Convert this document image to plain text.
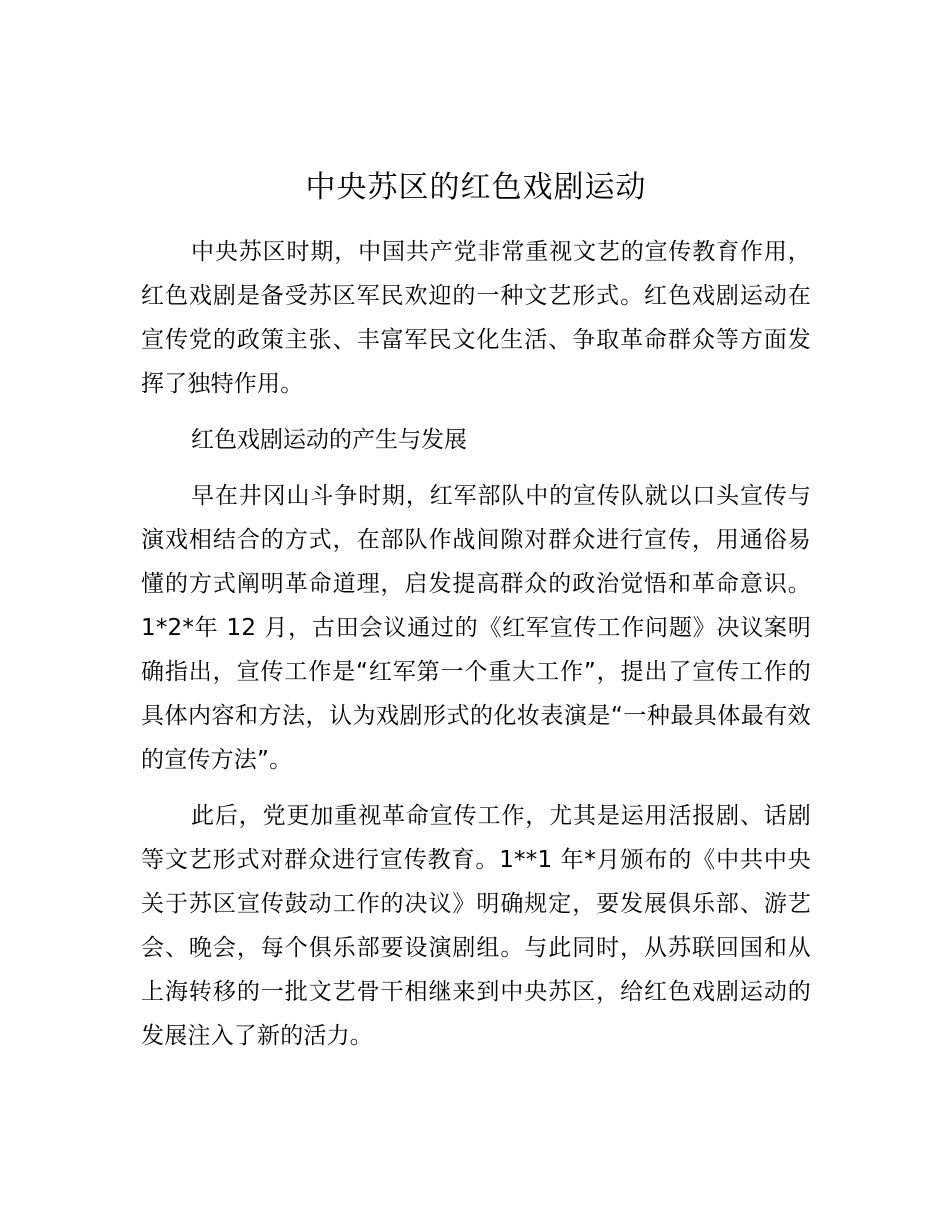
中央苏区的红色戏剧运动

中央苏区时期，中国共产党非常重视文艺的宣传教育作用，红色戏剧是备受苏区军民欢迎的一种文艺形式。红色戏剧运动在宣传党的政策主张、丰富军民文化生活、争取革命群众等方面发挥了独特作用。

红色戏剧运动的产生与发展

早在井冈山斗争时期，红军部队中的宣传队就以口头宣传与演戏相结合的方式，在部队作战间隙对群众进行宣传，用通俗易懂的方式阐明革命道理，启发提高群众的政治觉悟和革命意识。1*2*年 12 月，古田会议通过的《红军宣传工作问题》决议案明确指出，宣传工作是“红军第一个重大工作”，提出了宣传工作的具体内容和方法，认为戏剧形式的化妆表演是“一种最具体最有效的宣传方法”。

此后，党更加重视革命宣传工作，尤其是运用活报剧、话剧等文艺形式对群众进行宣传教育。1**1 年*月颁布的《中共中央关于苏区宣传鼓动工作的决议》明确规定，要发展俱乐部、游艺会、晚会，每个俱乐部要设演剧组。与此同时，从苏联回国和从上海转移的一批文艺骨干相继来到中央苏区，给红色戏剧运动的发展注入了新的活力。
